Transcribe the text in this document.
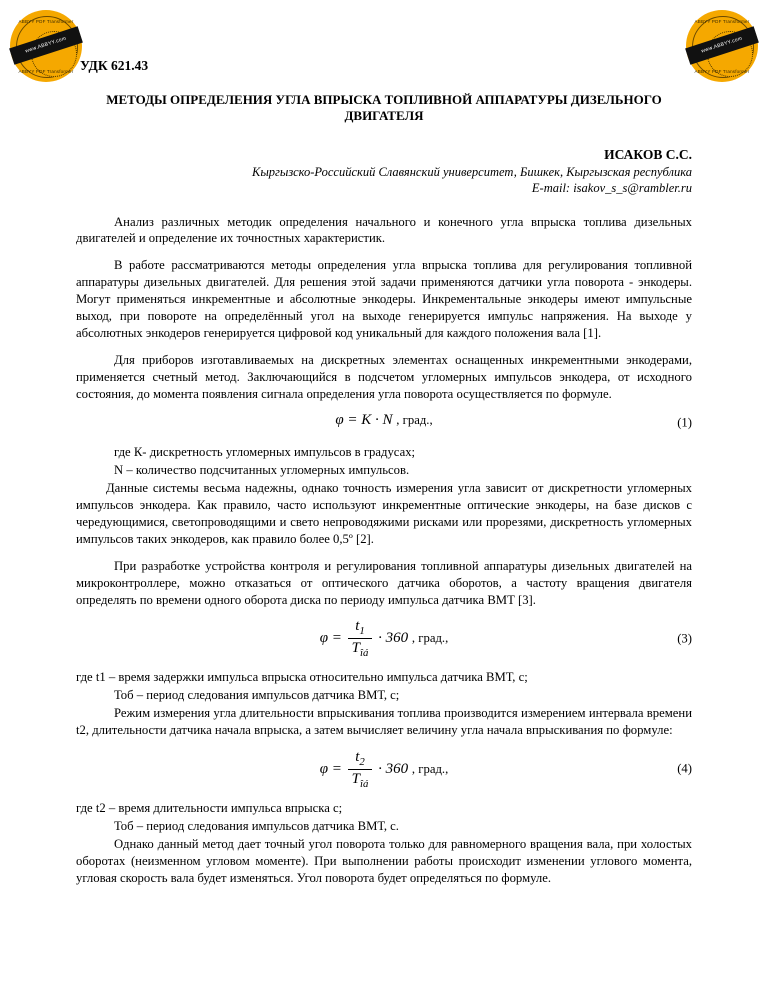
ABBYY PDF Transformer
www.ABBYY.com
ABBYY PDF Transformer
ABBYY PDF Transformer
www.ABBYY.com
ABBYY PDF Transformer
УДК 621.43
МЕТОДЫ ОПРЕДЕЛЕНИЯ УГЛА ВПРЫСКА ТОПЛИВНОЙ АППАРАТУРЫ ДИЗЕЛЬНОГО ДВИГАТЕЛЯ
ИСАКОВ С.С.
Кыргызско-Российский Славянский университет, Бишкек, Кыргызская республика
E-mail: isakov_s_s@rambler.ru

Анализ различных методик определения начального и конечного угла впрыска топлива дизельных двигателей и определение их точностных характеристик.

В работе рассматриваются методы определения угла впрыска топлива для регулирования топливной аппаратуры дизельных двигателей. Для решения этой задачи применяются датчики угла поворота - энкодеры. Могут применяться инкрементные и абсолютные энкодеры. Инкрементальные энкодеры имеют импульсные выход, при повороте на определённый угол на выходе генерируется импульс напряжения. На выходе у абсолютных энкодеров генерируется цифровой код уникальный для каждого положения вала [1].

Для приборов изготавливаемых на дискретных элементах оснащенных инкрементными энкодерами, применяется счетный метод. Заключающийся в подсчетом угломерных импульсов энкодера, от исходного состояния, до момента появления сигнала определения угла поворота осуществляется по формуле.

φ = K · N , град.,	(1)
где К- дискретность угломерных импульсов в градусах;
N – количество подсчитанных угломерных импульсов.

Данные системы весьма надежны, однако точность измерения угла зависит от дискретности угломерных импульсов энкодера. Как правило, часто используют инкрементные оптические энкодеры, на базе дисков с чередующимися, светопроводящими и свето непроводяжими рисками или прорезями, дискретность угломерных импульсов таких энкодеров, как правило более 0,5º [2].

При разработке устройства контроля и регулирования топливной аппаратуры дизельных двигателей на микроконтроллере, можно отказаться от оптического датчика оборотов, а частоту вращения двигателя определять по времени одного оборота диска по периоду импульса датчика ВМТ [3].

$\varphi = \frac{t_1}{T_{îá}} \cdot 360$ , град.,	(3)
где t1 – время задержки импульса впрыска относительно импульса датчика ВМТ, с;
Тоб – период следования импульсов датчика ВМТ, с;

Режим измерения угла длительности впрыскивания топлива производится измерением интервала времени t2, длительности датчика начала впрыска, а затем вычисляет величину угла начала впрыскивания по формуле:

$\varphi = \frac{t_2}{T_{îá}} \cdot 360$ , град.,	(4)
где t2 – время длительности импульса впрыска с;
Тоб – период следования импульсов датчика ВМТ, с.

Однако данный метод дает точный угол поворота только для равномерного вращения вала, при холостых оборотах (неизменном угловом моменте). При выполнении работы происходит изменении углового момента, угловая скорость вала будет изменяться. Угол поворота будет определяться по формуле.
